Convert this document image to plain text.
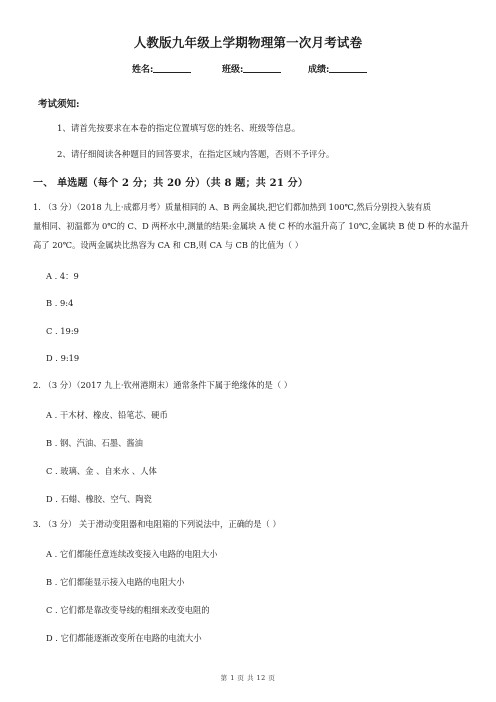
人教版九年级上学期物理第一次月考试卷
姓名:	班级:	成绩:
考试须知:
1、请首先按要求在本卷的指定位置填写您的姓名、班级等信息。
2、请仔细阅读各种题目的回答要求，在指定区域内答题，否则不予评分。
一、 单选题（每个 2 分；共 20 分）（共 8 题；共 21 分）
1. （3 分）（2018 九上·成都月考）质量相同的 A、B 两金属块,把它们都加热到 100℃,然后分别投入装有质
量相同、初温都为 0℃的 C、D 两杯水中,测量的结果:金属块 A 使 C 杯的水温升高了 10℃,金属块 B 使 D 杯的水温升
高了 20℃。设两金属块比热容为 CA 和 CB,则 CA 与 CB 的比值为（ ）
A . 4：9
B . 9:4
C . 19:9
D . 9:19
2. （3 分）（2017 九上·钦州港期末）通常条件下属于绝缘体的是（ ）
A . 干木材、橡皮、铅笔芯、硬币
B . 钢、汽油、石墨、酱油
C . 玻璃、金 、自来水 、人体
D . 石蜡、橡胶、空气、陶瓷
3. （3 分） 关于滑动变阻器和电阻箱的下列说法中，正确的是（ ）
A . 它们都能任意连续改变接入电路的电阻大小
B . 它们都能显示接入电路的电阻大小
C . 它们都是靠改变导线的粗细来改变电阻的
D . 它们都能逐渐改变所在电路的电流大小
第 1 页 共 12 页
